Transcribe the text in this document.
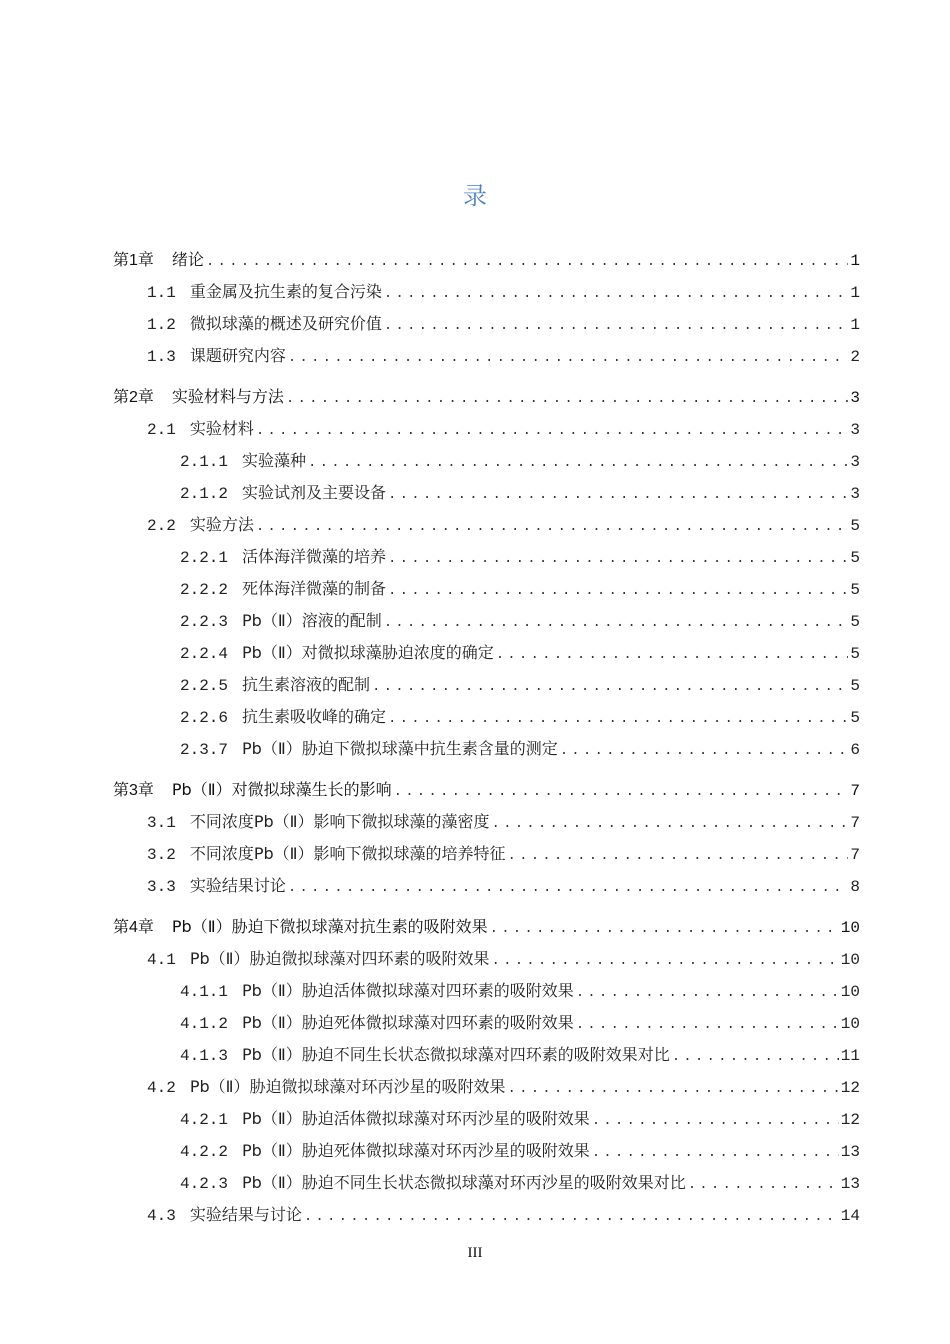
录
第1章 绪论 .....	1
1.1 重金属及抗生素的复合污染 .....	1
1.2 微拟球藻的概述及研究价值 .....	1
1.3 课题研究内容 .....	2
第2章 实验材料与方法 .....	3
2.1 实验材料 .....	3
2.1.1 实验藻种 .....	3
2.1.2 实验试剂及主要设备 .....	3
2.2 实验方法 .....	5
2.2.1 活体海洋微藻的培养 .....	5
2.2.2 死体海洋微藻的制备 .....	5
2.2.3 Pb（Ⅱ）溶液的配制 .....	5
2.2.4 Pb（Ⅱ）对微拟球藻胁迫浓度的确定 .....	5
2.2.5 抗生素溶液的配制 .....	5
2.2.6 抗生素吸收峰的确定 .....	5
2.3.7 Pb（Ⅱ）胁迫下微拟球藻中抗生素含量的测定 .....	6
第3章 Pb（Ⅱ）对微拟球藻生长的影响 .....	7
3.1 不同浓度Pb（Ⅱ）影响下微拟球藻的藻密度 .....	7
3.2 不同浓度Pb（Ⅱ）影响下微拟球藻的培养特征 .....	7
3.3 实验结果讨论 .....	8
第4章 Pb（Ⅱ）胁迫下微拟球藻对抗生素的吸附效果 .....	10
4.1 Pb（Ⅱ）胁迫微拟球藻对四环素的吸附效果 .....	10
4.1.1 Pb（Ⅱ）胁迫活体微拟球藻对四环素的吸附效果 .....	10
4.1.2 Pb（Ⅱ）胁迫死体微拟球藻对四环素的吸附效果 .....	10
4.1.3 Pb（Ⅱ）胁迫不同生长状态微拟球藻对四环素的吸附效果对比 .....	11
4.2 Pb（Ⅱ）胁迫微拟球藻对环丙沙星的吸附效果 .....	12
4.2.1 Pb（Ⅱ）胁迫活体微拟球藻对环丙沙星的吸附效果 .....	12
4.2.2 Pb（Ⅱ）胁迫死体微拟球藻对环丙沙星的吸附效果 .....	13
4.2.3 Pb（Ⅱ）胁迫不同生长状态微拟球藻对环丙沙星的吸附效果对比 .....	13
4.3 实验结果与讨论 .....	14
III
